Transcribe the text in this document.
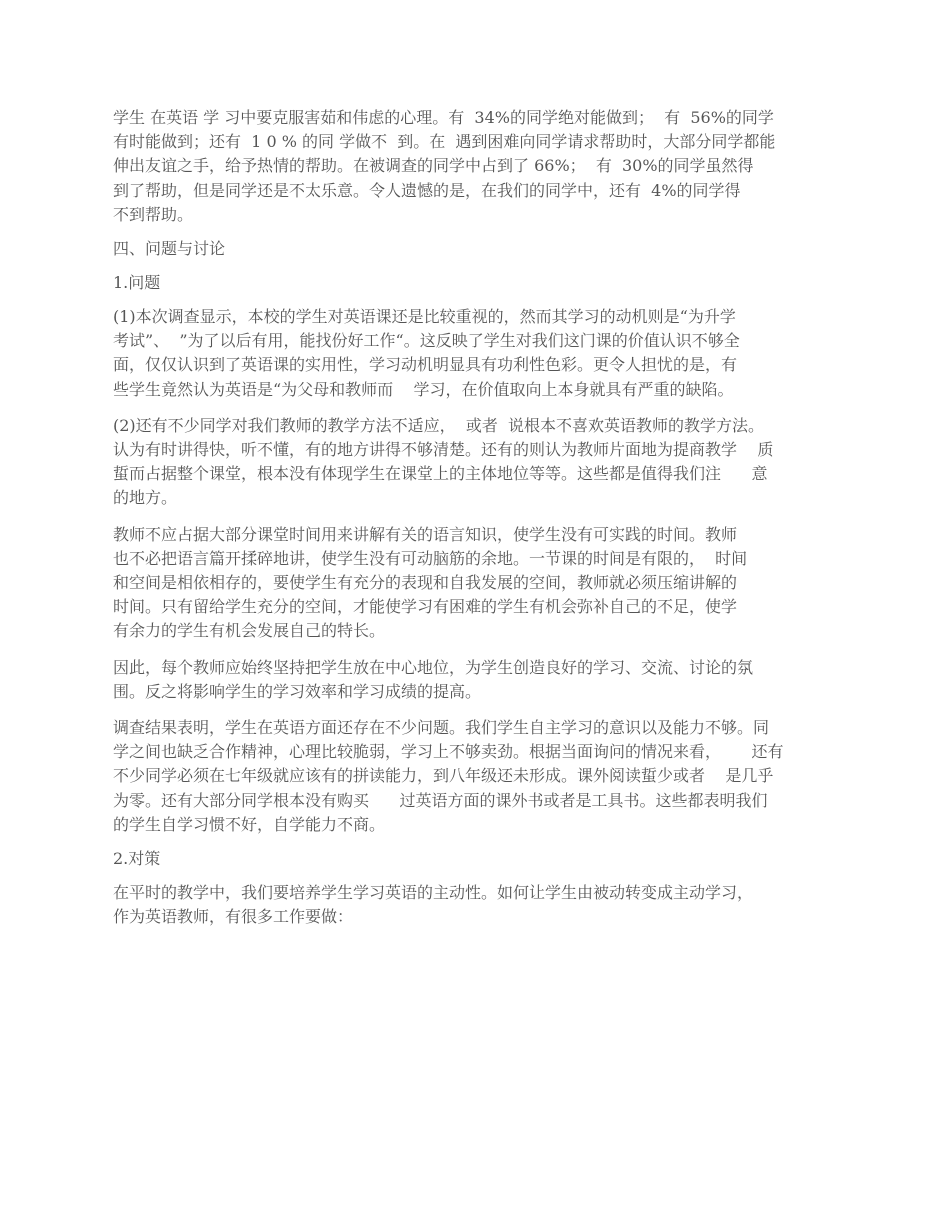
学生 在英语 学 习中要克服害茹和伟虑的心理。有  34%的同学绝对能做到；  有  56%的同学
有时能做到；还有  1 0 % 的同 学做不  到。在  遇到困难向同学请求帮助时，大部分同学都能
伸出友谊之手，给予热情的帮助。在被调查的同学中占到了 66%；  有  30%的同学虽然得
到了帮助，但是同学还是不太乐意。令人遗憾的是，在我们的同学中，还有  4%的同学得
不到帮助。

四、问题与讨论

1.问题

(1)本次调查显示，本校的学生对英语课还是比较重视的，然而其学习的动机则是“为升学
考试”、  ”为了以后有用，能找份好工作“。这反映了学生对我们这门课的价值认识不够全
面，仅仅认识到了英语课的实用性，学习动机明显具有功利性色彩。更令人担忧的是，有
些学生竟然认为英语是“为父母和教师而    学习，在价值取向上本身就具有严重的缺陷。

(2)还有不少同学对我们教师的教学方法不适应，  或者  说根本不喜欢英语教师的教学方法。
认为有时讲得快，听不懂，有的地方讲得不够清楚。还有的则认为教师片面地为提商教学    质
蜇而占据整个课堂，根本没有体现学生在课堂上的主体地位等等。这些都是值得我们注      意
的地方。

教师不应占据大部分课堂时间用来讲解有关的语言知识，使学生没有可实践的时间。教师
也不必把语言篇开揉碎地讲，使学生没有可动脑筋的余地。一节课的时间是有限的，  时间
和空间是相依相存的，要使学生有充分的表现和自我发展的空间，教师就必须压缩讲解的
时间。只有留给学生充分的空间，才能使学习有困难的学生有机会弥补自己的不足，使学
有余力的学生有机会发展自己的特长。

因此，每个教师应始终坚持把学生放在中心地位，为学生创造良好的学习、交流、讨论的氛
围。反之将影响学生的学习效率和学习成绩的提高。

调查结果表明，学生在英语方面还存在不少问题。我们学生自主学习的意识以及能力不够。同
学之间也缺乏合作精神，心理比较脆弱，学习上不够卖劲。根据当面询问的情况来看，      还有
不少同学必须在七年级就应该有的拼读能力，到八年级还未形成。课外阅读蜇少或者    是几乎
为零。还有大部分同学根本没有购买      过英语方面的课外书或者是工具书。这些都表明我们
的学生自学习惯不好，自学能力不商。

2.对策

在平时的教学中，我们要培养学生学习英语的主动性。如何让学生由被动转变成主动学习，
作为英语教师，有很多工作要做：
